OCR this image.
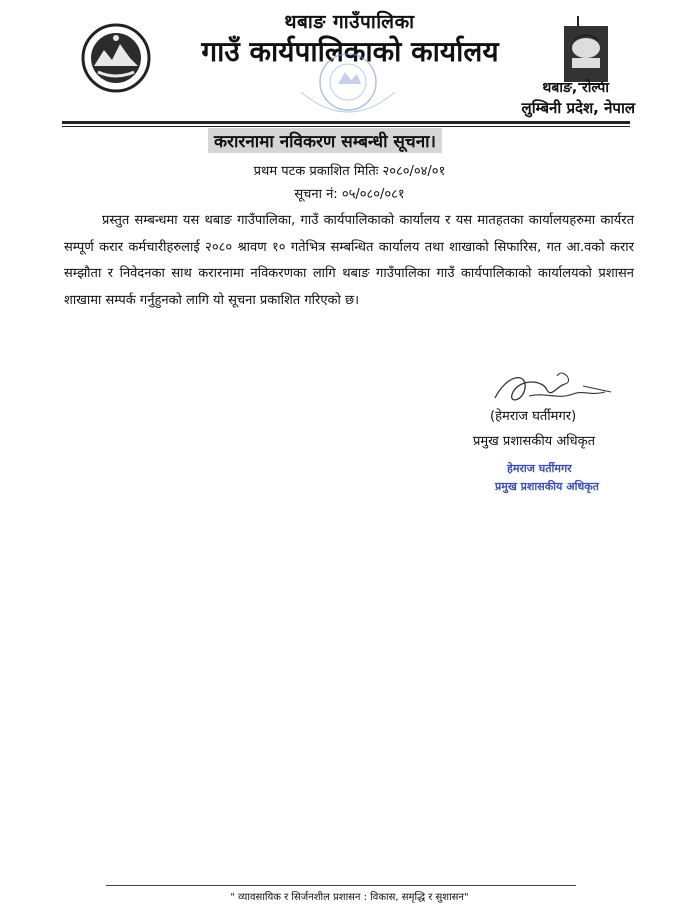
थबाङ गाउँपालिका
गाउँ कार्यपालिकाको कार्यालय
थबाङ, रोल्पा
लुम्बिनी प्रदेश, नेपाल
करारनामा नविकरण सम्बन्धी सूचना।
प्रथम पटक प्रकाशित मितिः २०८०/०४/०१
सूचना नं: ०५/०८०/०८१

प्रस्तुत सम्बन्धमा यस थबाङ गाउँपालिका, गाउँ कार्यपालिकाको कार्यालय र यस मातहतका कार्यालयहरुमा कार्यरत सम्पूर्ण करार कर्मचारीहरुलाई २०८० श्रावण १० गतेभित्र सम्बन्धित कार्यालय तथा शाखाको सिफारिस, गत आ.वको करार सम्झौता र निवेदनका साथ करारनामा नविकरणका लागि थबाङ गाउँपालिका गाउँ कार्यपालिकाको कार्यालयको प्रशासन शाखामा सम्पर्क गर्नुहुनको लागि यो सूचना प्रकाशित गरिएको छ।

(हेमराज घर्तीमगर)
प्रमुख प्रशासकीय अधिकृत
हेमराज घर्तीमगर
प्रमुख प्रशासकीय अधिकृत
" व्यावसायिक र सिर्जनशील प्रशासन : विकास, समृद्धि र सुशासन"
